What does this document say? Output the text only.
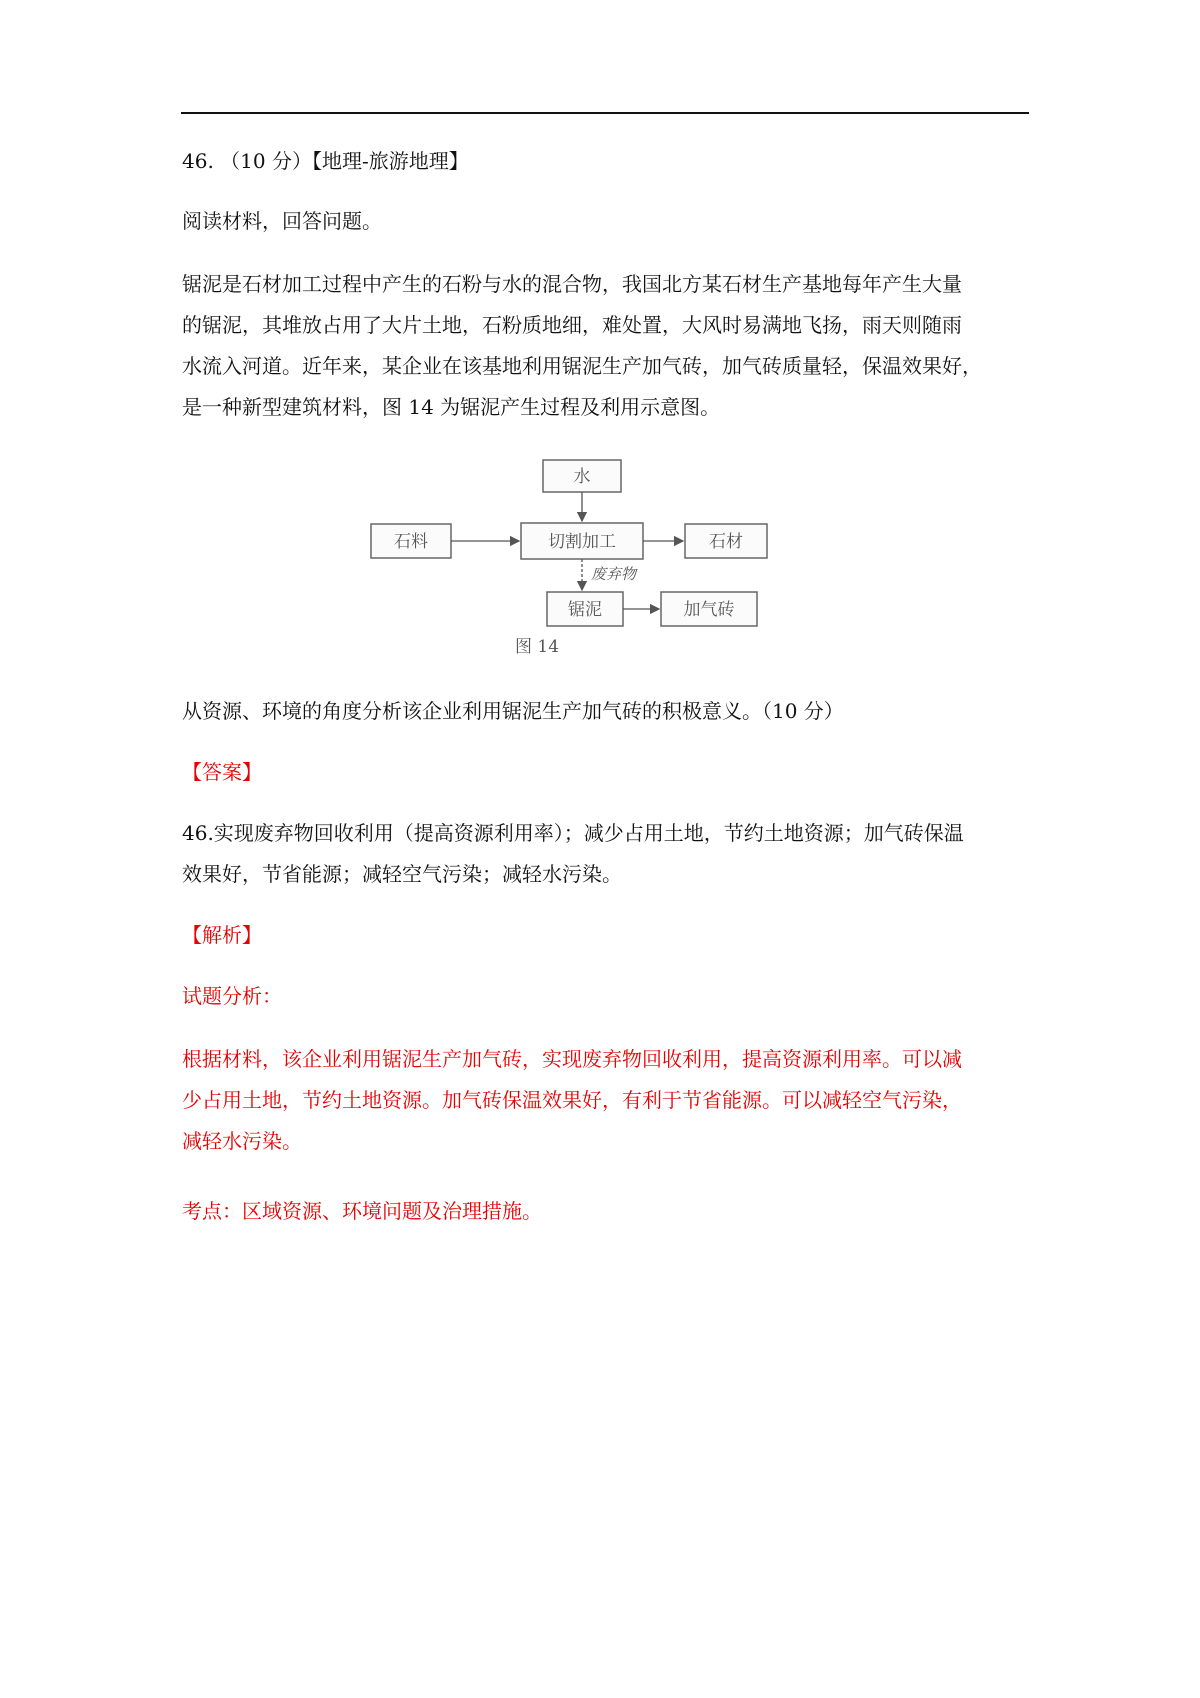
46. （10 分）【地理-旅游地理】
阅读材料，回答问题。
锯泥是石材加工过程中产生的石粉与水的混合物，我国北方某石材生产基地每年产生大量
的锯泥，其堆放占用了大片土地，石粉质地细，难处置，大风时易满地飞扬，雨天则随雨
水流入河道。近年来，某企业在该基地利用锯泥生产加气砖，加气砖质量轻，保温效果好，
是一种新型建筑材料，图 14 为锯泥产生过程及利用示意图。
水
石料	切割加工	石材
锯泥	加气砖
废弃物
图 14
从资源、环境的角度分析该企业利用锯泥生产加气砖的积极意义。（10 分）
【答案】
46.实现废弃物回收利用（提高资源利用率）；减少占用土地，节约土地资源；加气砖保温
效果好，节省能源；减轻空气污染；减轻水污染。
【解析】
试题分析：
根据材料，该企业利用锯泥生产加气砖，实现废弃物回收利用，提高资源利用率。可以减
少占用土地，节约土地资源。加气砖保温效果好，有利于节省能源。可以减轻空气污染，
减轻水污染。
考点：区域资源、环境问题及治理措施。
